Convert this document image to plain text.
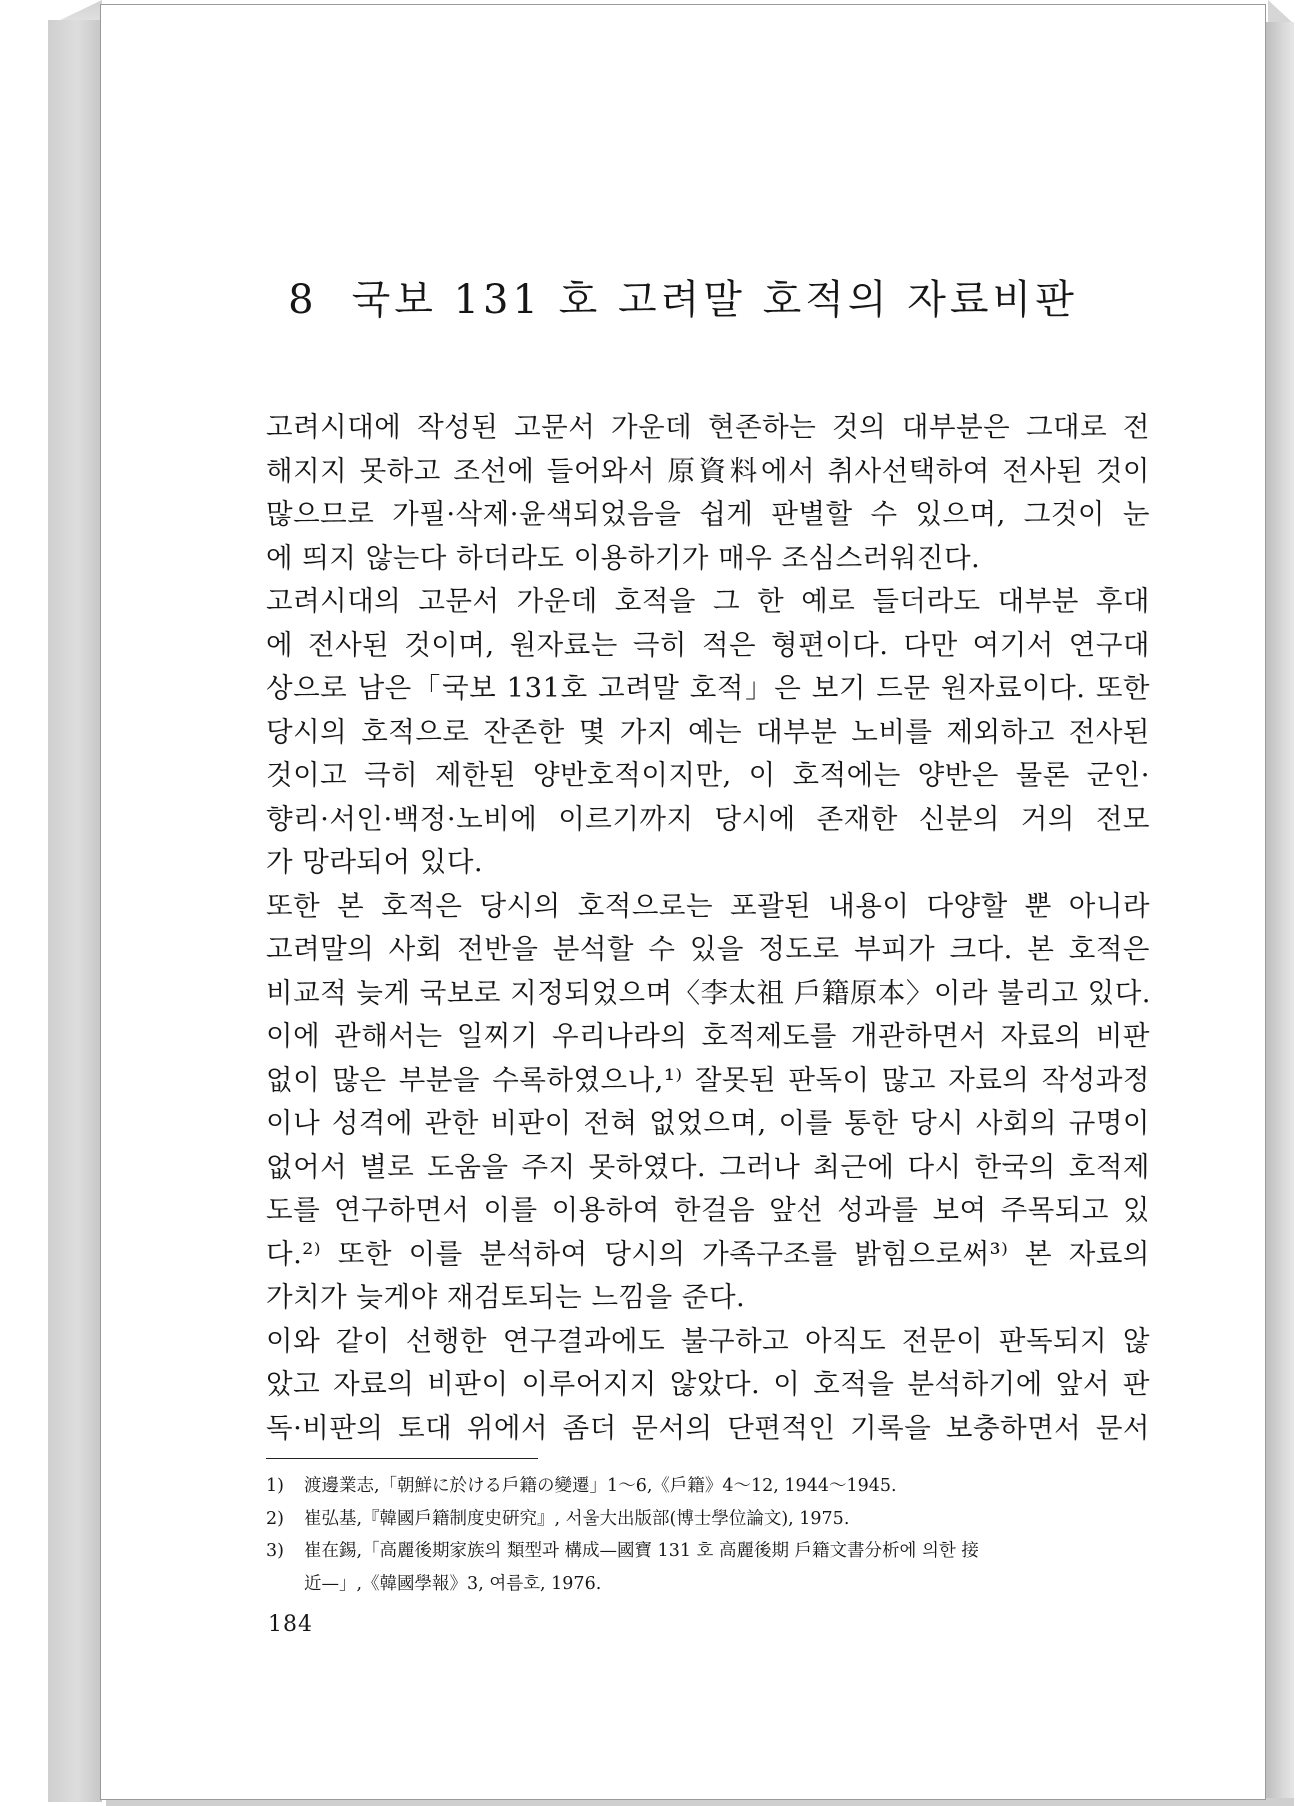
8 국보 131 호 고려말 호적의 자료비판

고려시대에 작성된 고문서 가운데 현존하는 것의 대부분은 그대로 전
해지지 못하고 조선에 들어와서 原資料에서 취사선택하여 전사된 것이
많으므로 가필·삭제·윤색되었음을 쉽게 판별할 수 있으며, 그것이 눈
에 띄지 않는다 하더라도 이용하기가 매우 조심스러워진다.

고려시대의 고문서 가운데 호적을 그 한 예로 들더라도 대부분 후대
에 전사된 것이며, 원자료는 극히 적은 형편이다. 다만 여기서 연구대
상으로 남은「국보 131호 고려말 호적」은 보기 드문 원자료이다. 또한
당시의 호적으로 잔존한 몇 가지 예는 대부분 노비를 제외하고 전사된
것이고 극히 제한된 양반호적이지만, 이 호적에는 양반은 물론 군인·
향리·서인·백정·노비에 이르기까지 당시에 존재한 신분의 거의 전모
가 망라되어 있다.

또한 본 호적은 당시의 호적으로는 포괄된 내용이 다양할 뿐 아니라
고려말의 사회 전반을 분석할 수 있을 정도로 부피가 크다. 본 호적은
비교적 늦게 국보로 지정되었으며〈李太祖 戶籍原本〉이라 불리고 있다.
이에 관해서는 일찌기 우리나라의 호적제도를 개관하면서 자료의 비판
없이 많은 부분을 수록하였으나,¹⁾ 잘못된 판독이 많고 자료의 작성과정
이나 성격에 관한 비판이 전혀 없었으며, 이를 통한 당시 사회의 규명이
없어서 별로 도움을 주지 못하였다. 그러나 최근에 다시 한국의 호적제
도를 연구하면서 이를 이용하여 한걸음 앞선 성과를 보여 주목되고 있
다.²⁾ 또한 이를 분석하여 당시의 가족구조를 밝힘으로써³⁾ 본 자료의
가치가 늦게야 재검토되는 느낌을 준다.

이와 같이 선행한 연구결과에도 불구하고 아직도 전문이 판독되지 않
았고 자료의 비판이 이루어지지 않았다. 이 호적을 분석하기에 앞서 판
독·비판의 토대 위에서 좀더 문서의 단편적인 기록을 보충하면서 문서

1) 渡邊業志,「朝鮮に於ける戶籍の變遷」1〜6,《戶籍》4〜12, 1944〜1945.
2) 崔弘基,『韓國戶籍制度史硏究』, 서울大出版部(博士學位論文), 1975.
3) 崔在錫,「高麗後期家族의 類型과 構成—國寶 131 호 高麗後期 戶籍文書分析에 의한 接
近—」,《韓國學報》3, 여름호, 1976.
184
